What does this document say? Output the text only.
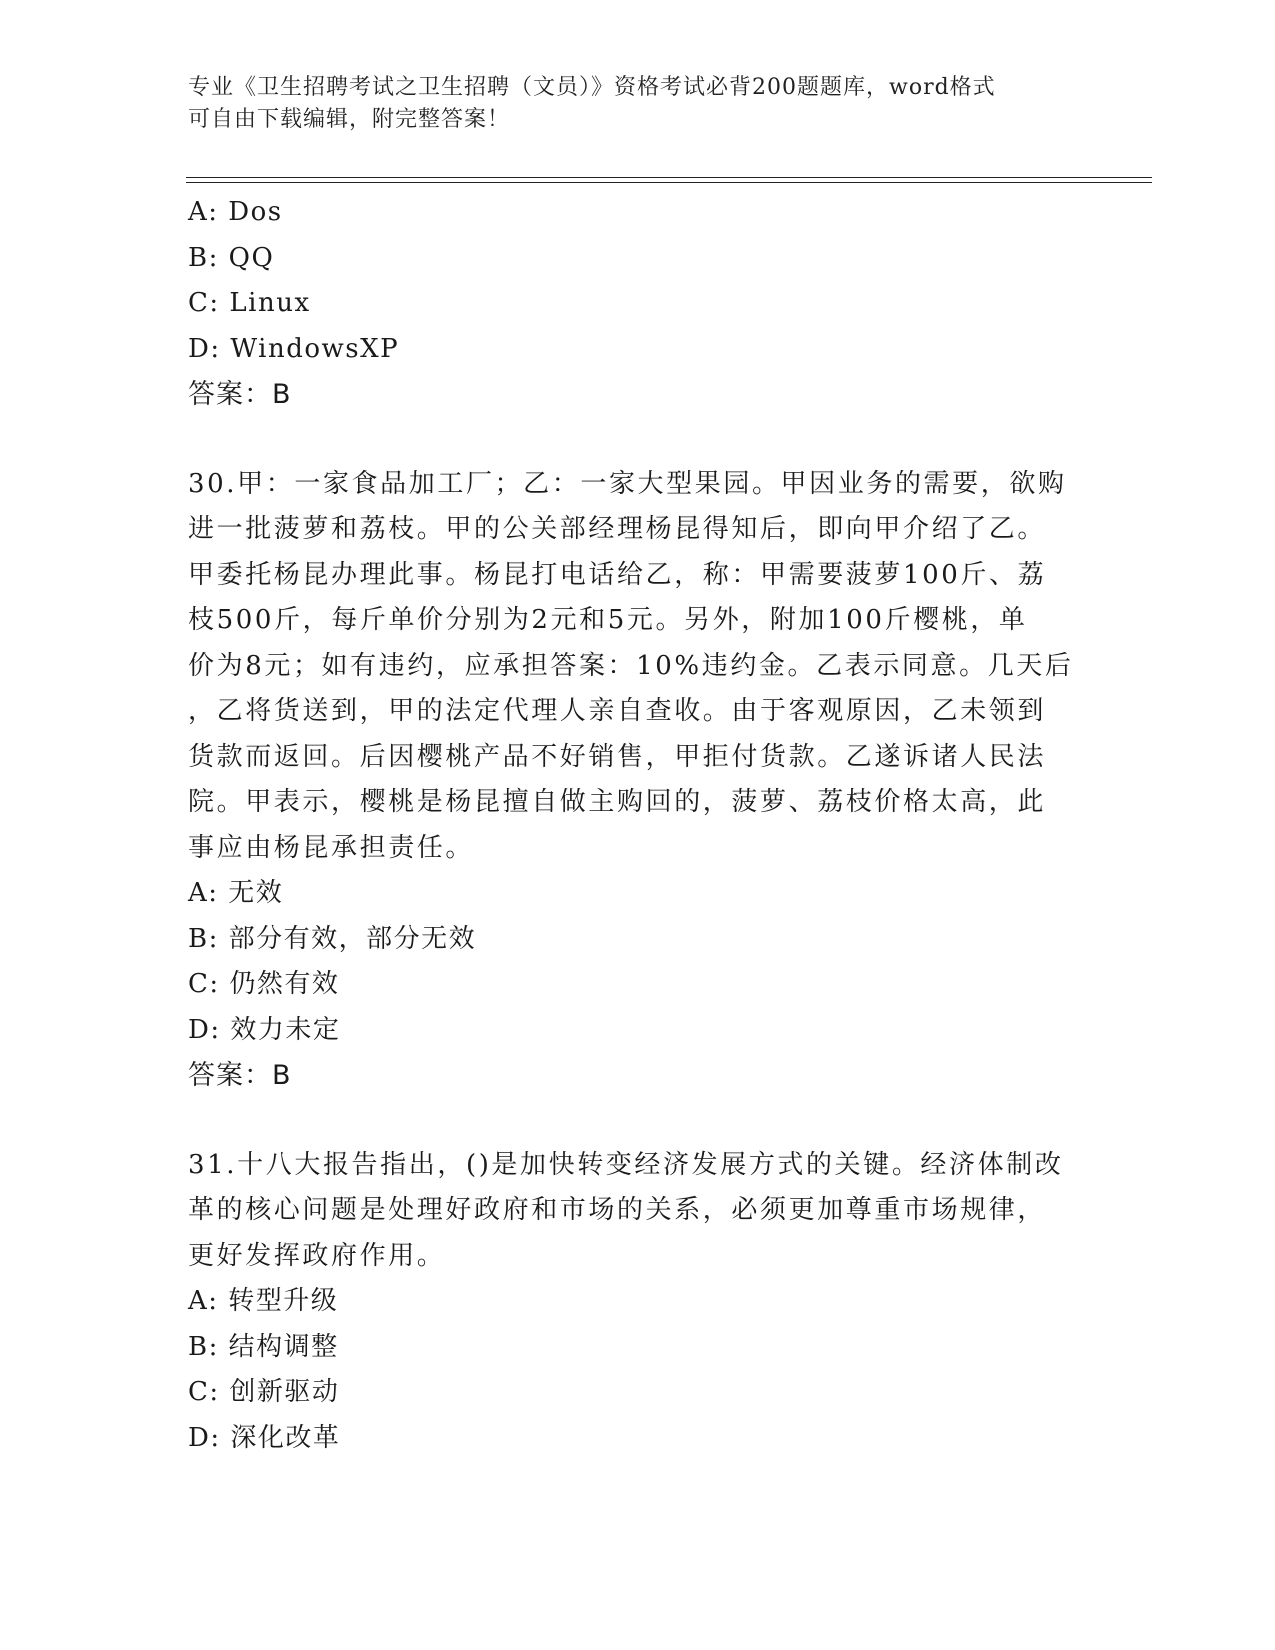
专业《卫生招聘考试之卫生招聘（文员）》资格考试必背200题题库，word格式
可自由下载编辑，附完整答案！
A: Dos
B: QQ
C: Linux
D: WindowsXP
答案：B
30.甲：一家食品加工厂；乙：一家大型果园。甲因业务的需要，欲购
进一批菠萝和荔枝。甲的公关部经理杨昆得知后，即向甲介绍了乙。
甲委托杨昆办理此事。杨昆打电话给乙，称：甲需要菠萝100斤、荔
枝500斤，每斤单价分别为2元和5元。另外，附加100斤樱桃，单
价为8元；如有违约，应承担答案：10%违约金。乙表示同意。几天后
，乙将货送到，甲的法定代理人亲自查收。由于客观原因，乙未领到
货款而返回。后因樱桃产品不好销售，甲拒付货款。乙遂诉诸人民法
院。甲表示，樱桃是杨昆擅自做主购回的，菠萝、荔枝价格太高，此
事应由杨昆承担责任。
A: 无效
B: 部分有效，部分无效
C: 仍然有效
D: 效力未定
答案：B
31.十八大报告指出，()是加快转变经济发展方式的关键。经济体制改
革的核心问题是处理好政府和市场的关系，必须更加尊重市场规律，
更好发挥政府作用。
A: 转型升级
B: 结构调整
C: 创新驱动
D: 深化改革
